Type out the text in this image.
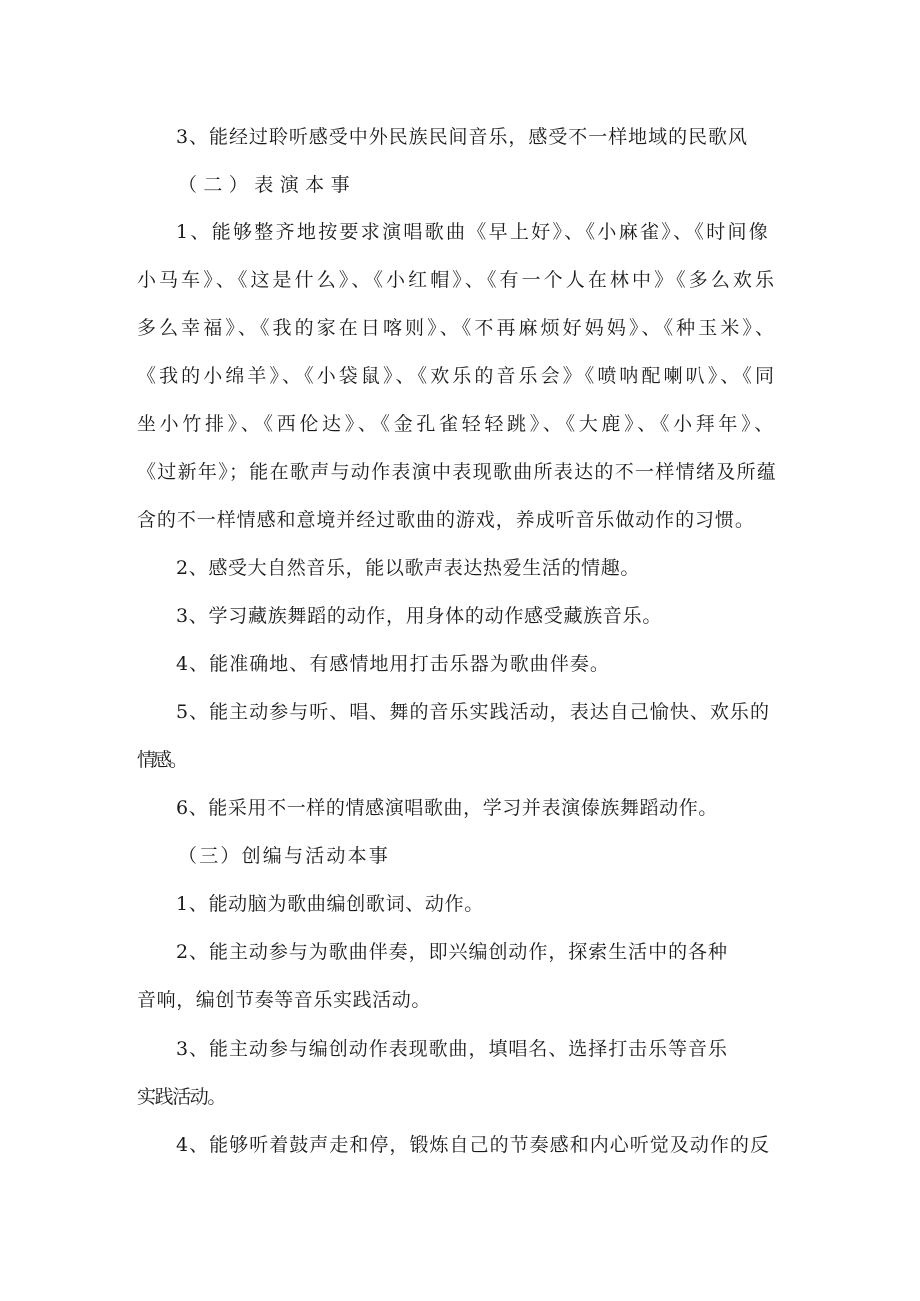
3、能经过聆听感受中外民族民间音乐，感受不一样地域的民歌风

（二）表演本事

1、能够整齐地按要求演唱歌曲《早上好》、《小麻雀》、《时间像

小马车》、《这是什么》、《小红帽》、《有一个人在林中》《多么欢乐

多么幸福》、《我的家在日喀则》、《不再麻烦好妈妈》、《种玉米》、

《我的小绵羊》、《小袋鼠》、《欢乐的音乐会》《喷呐配喇叭》、《同

坐小竹排》、《西伦达》、《金孔雀轻轻跳》、《大鹿》、《小拜年》、

《过新年》；能在歌声与动作表演中表现歌曲所表达的不一样情绪及所蕴

含的不一样情感和意境并经过歌曲的游戏，养成听音乐做动作的习惯。

2、感受大自然音乐，能以歌声表达热爱生活的情趣。

3、学习藏族舞蹈的动作，用身体的动作感受藏族音乐。

4、能准确地、有感情地用打击乐器为歌曲伴奏。

5、能主动参与听、唱、舞的音乐实践活动，表达自己愉快、欢乐的

情感。

6、能采用不一样的情感演唱歌曲，学习并表演傣族舞蹈动作。

（三）创编与活动本事

1、能动脑为歌曲编创歌词、动作。

2、能主动参与为歌曲伴奏，即兴编创动作，探索生活中的各种

音响，编创节奏等音乐实践活动。

3、能主动参与编创动作表现歌曲，填唱名、选择打击乐等音乐

实践活动。

4、能够听着鼓声走和停，锻炼自己的节奏感和内心听觉及动作的反
